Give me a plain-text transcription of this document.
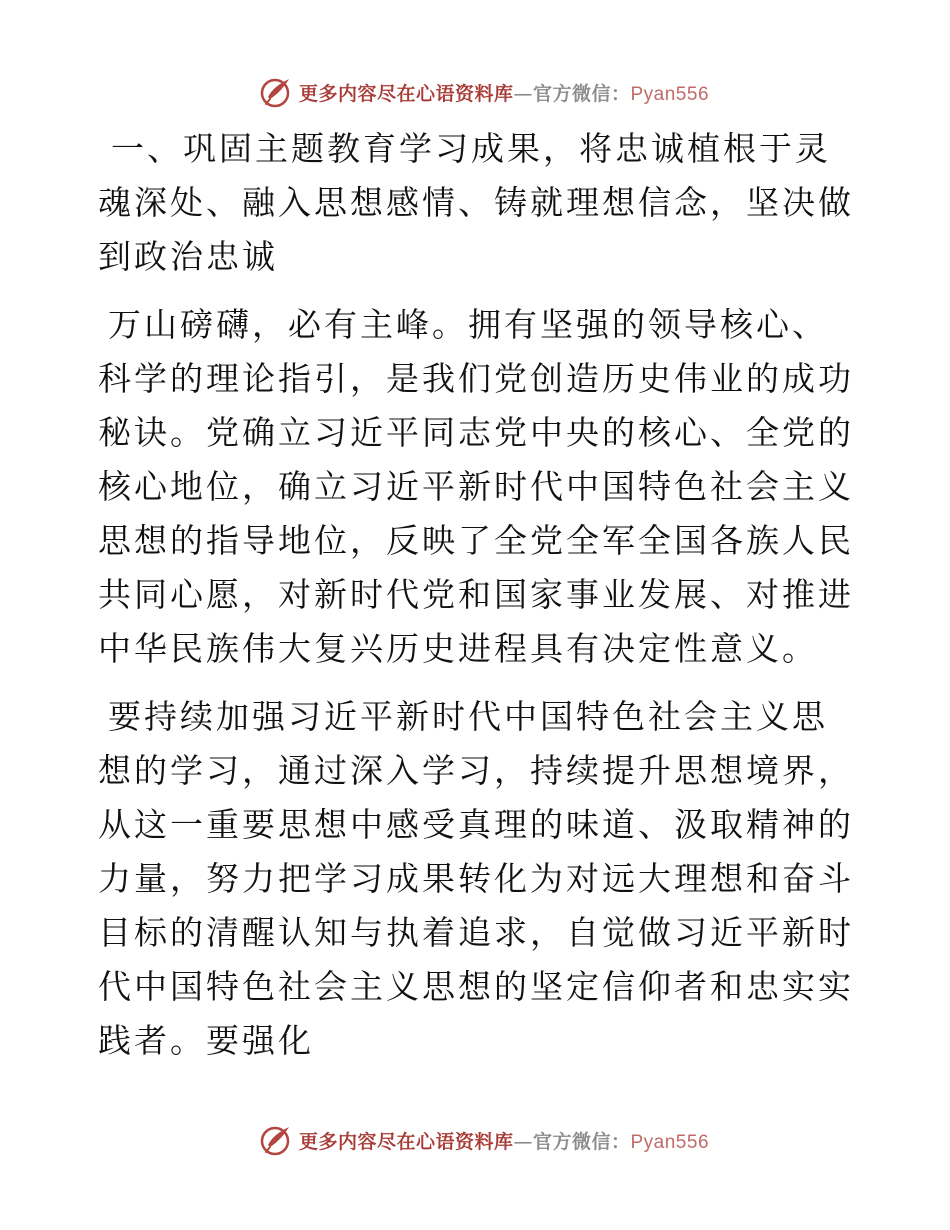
更多内容尽在心语资料库—官方微信：Pyan556

一、巩固主题教育学习成果，将忠诚植根于灵魂深处、融入思想感情、铸就理想信念，坚决做到政治忠诚

万山磅礴，必有主峰。拥有坚强的领导核心、科学的理论指引，是我们党创造历史伟业的成功秘诀。党确立习近平同志党中央的核心、全党的核心地位，确立习近平新时代中国特色社会主义思想的指导地位，反映了全党全军全国各族人民共同心愿，对新时代党和国家事业发展、对推进中华民族伟大复兴历史进程具有决定性意义。

要持续加强习近平新时代中国特色社会主义思想的学习，通过深入学习，持续提升思想境界，从这一重要思想中感受真理的味道、汲取精神的力量，努力把学习成果转化为对远大理想和奋斗目标的清醒认知与执着追求，自觉做习近平新时代中国特色社会主义思想的坚定信仰者和忠实实践者。要强化

更多内容尽在心语资料库—官方微信：Pyan556
